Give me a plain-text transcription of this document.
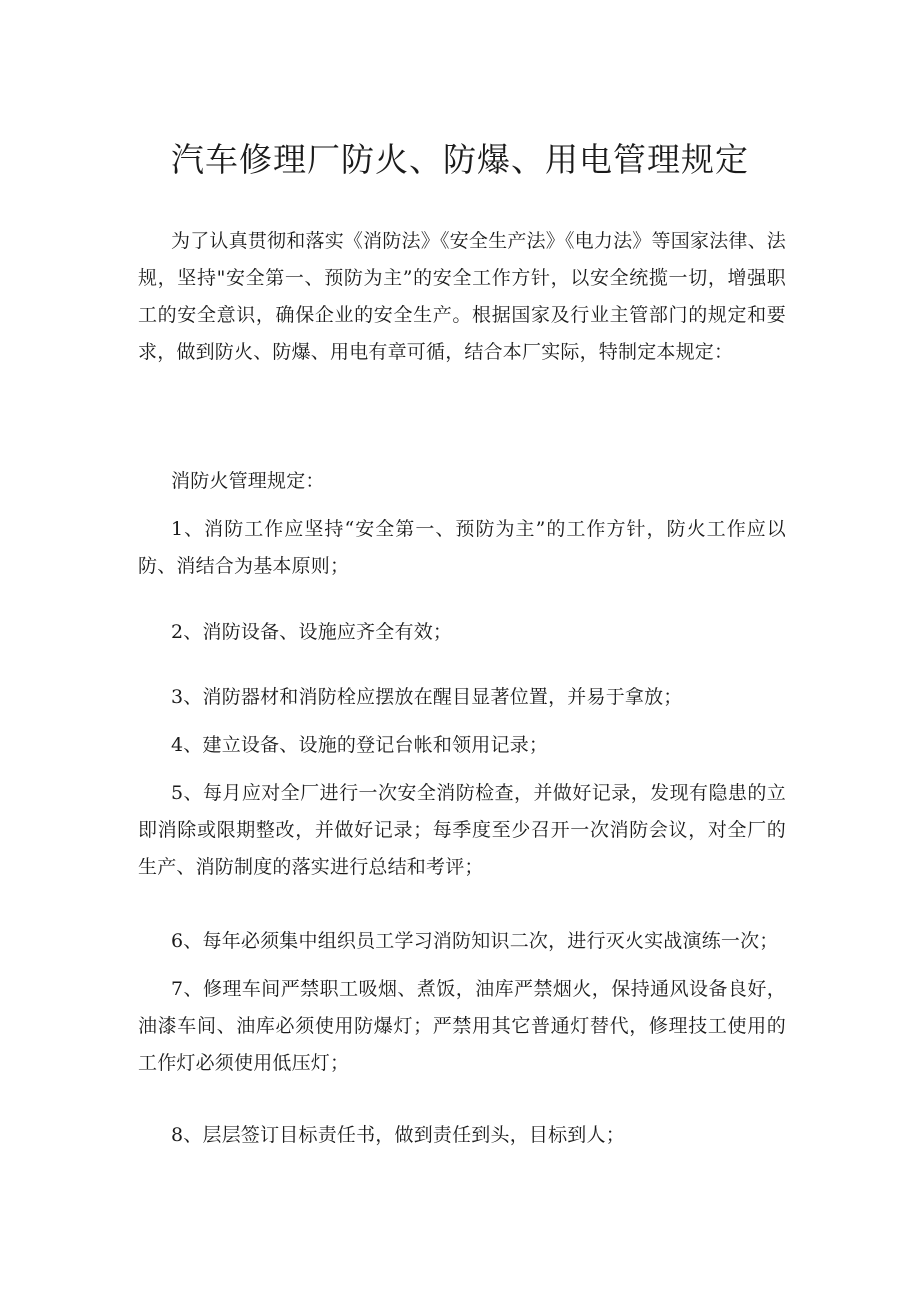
汽车修理厂防火、防爆、用电管理规定

为了认真贯彻和落实《消防法》《安全生产法》《电力法》等国家法律、法规，坚持"安全第一、预防为主”的安全工作方针，以安全统揽一切，增强职工的安全意识，确保企业的安全生产。根据国家及行业主管部门的规定和要求，做到防火、防爆、用电有章可循，结合本厂实际，特制定本规定：

消防火管理规定：

1、消防工作应坚持“安全第一、预防为主”的工作方针，防火工作应以防、消结合为基本原则；

2、消防设备、设施应齐全有效；

3、消防器材和消防栓应摆放在醒目显著位置，并易于拿放；

4、建立设备、设施的登记台帐和领用记录；

5、每月应对全厂进行一次安全消防检查，并做好记录，发现有隐患的立即消除或限期整改，并做好记录；每季度至少召开一次消防会议，对全厂的生产、消防制度的落实进行总结和考评；

6、每年必须集中组织员工学习消防知识二次，进行灭火实战演练一次；

7、修理车间严禁职工吸烟、煮饭，油库严禁烟火，保持通风设备良好，油漆车间、油库必须使用防爆灯；严禁用其它普通灯替代，修理技工使用的工作灯必须使用低压灯；

8、层层签订目标责任书，做到责任到头，目标到人；
